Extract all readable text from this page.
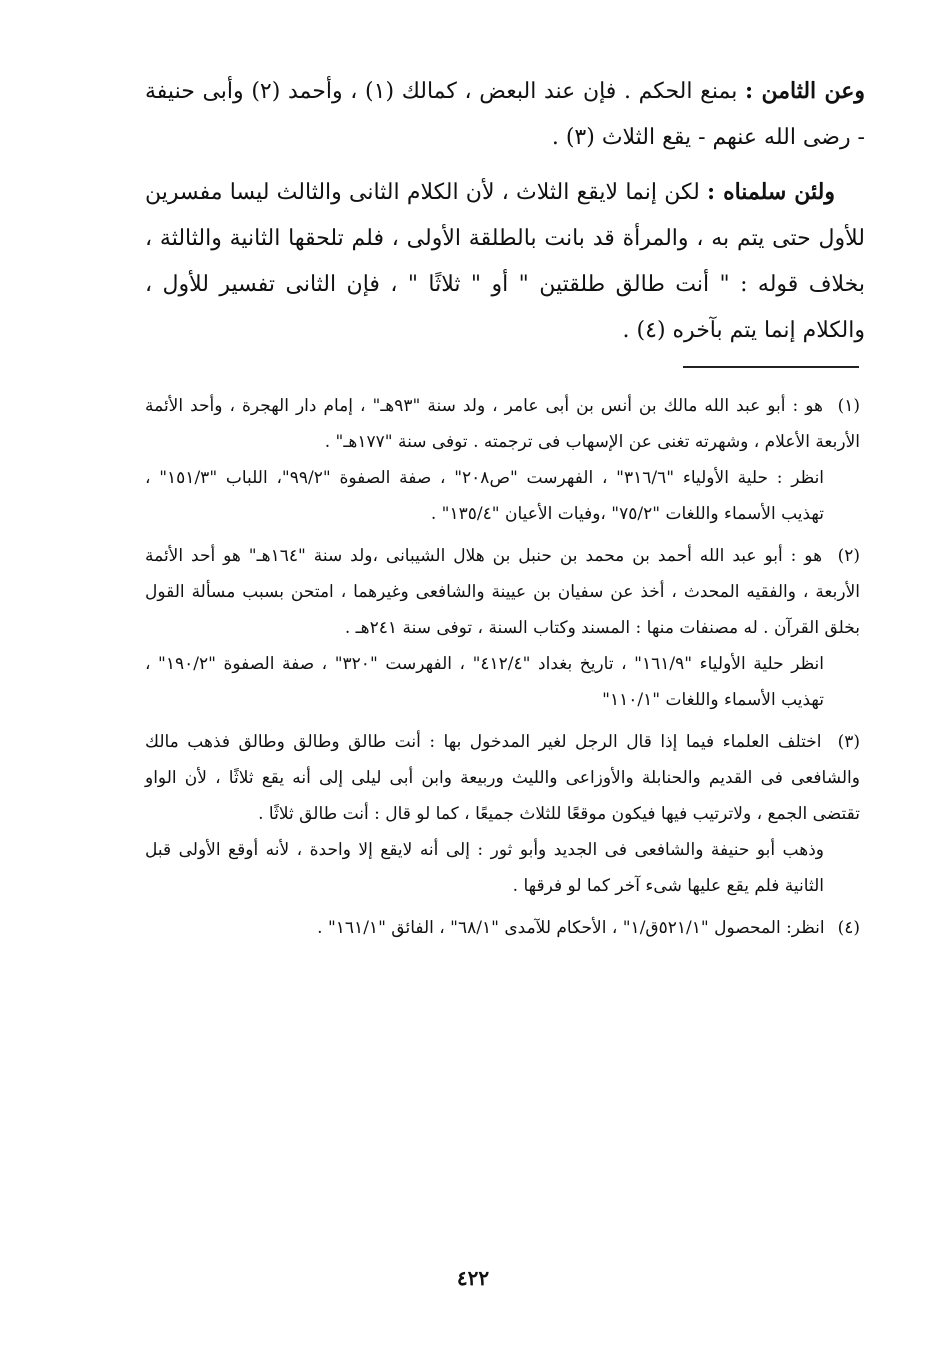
وعن الثامن : بمنع الحكم . فإن عند البعض ، كمالك (١) ، وأحمد (٢) وأبى حنيفة - رضى الله عنهم - يقع الثلاث (٣) .

ولئن سلمناه : لكن إنما لايقع الثلاث ، لأن الكلام الثانى والثالث ليسا مفسرين للأول حتى يتم به ، والمرأة قد بانت بالطلقة الأولى ، فلم تلحقها الثانية والثالثة ، بخلاف قوله : " أنت طالق طلقتين " أو " ثلاثًا " ، فإن الثانى تفسير للأول ، والكلام إنما يتم بآخره (٤) .

(١) هو : أبو عبد الله مالك بن أنس بن أبى عامر ، ولد سنة "٩٣هـ" ، إمام دار الهجرة ، وأحد الأئمة الأربعة الأعلام ، وشهرته تغنى عن الإسهاب فى ترجمته . توفى سنة "١٧٧هـ" .

انظر : حلية الأولياء "٣١٦/٦" ، الفهرست "ص٢٠٨" ، صفة الصفوة "٩٩/٢"، اللباب "١٥١/٣" ، تهذيب الأسماء واللغات "٧٥/٢" ،وفيات الأعيان "١٣٥/٤" .

(٢) هو : أبو عبد الله أحمد بن محمد بن حنبل بن هلال الشيبانى ،ولد سنة "١٦٤هـ" هو أحد الأئمة الأربعة ، والفقيه المحدث ، أخذ عن سفيان بن عيينة والشافعى وغيرهما ، امتحن بسبب مسألة القول بخلق القرآن . له مصنفات منها : المسند وكتاب السنة ، توفى سنة ٢٤١هـ .

انظر حلية الأولياء "١٦١/٩" ، تاريخ بغداد "٤١٢/٤" ، الفهرست "٣٢٠" ، صفة الصفوة "١٩٠/٢" ، تهذيب الأسماء واللغات "١١٠/١"

(٣) اختلف العلماء فيما إذا قال الرجل لغير المدخول بها : أنت طالق وطالق وطالق فذهب مالك والشافعى فى القديم والحنابلة والأوزاعى والليث وربيعة وابن أبى ليلى إلى أنه يقع ثلاثًا ، لأن الواو تقتضى الجمع ، ولاترتيب فيها فيكون موقعًا للثلاث جميعًا ، كما لو قال : أنت طالق ثلاثًا .

وذهب أبو حنيفة والشافعى فى الجديد وأبو ثور : إلى أنه لايقع إلا واحدة ، لأنه أوقع الأولى قبل الثانية فلم يقع عليها شىء آخر كما لو فرقها .

(٤) انظر: المحصول "٥٢١/١ق/١" ، الأحكام للآمدى "٦٨/١" ، الفائق "١٦١/١" .

٤٢٢
